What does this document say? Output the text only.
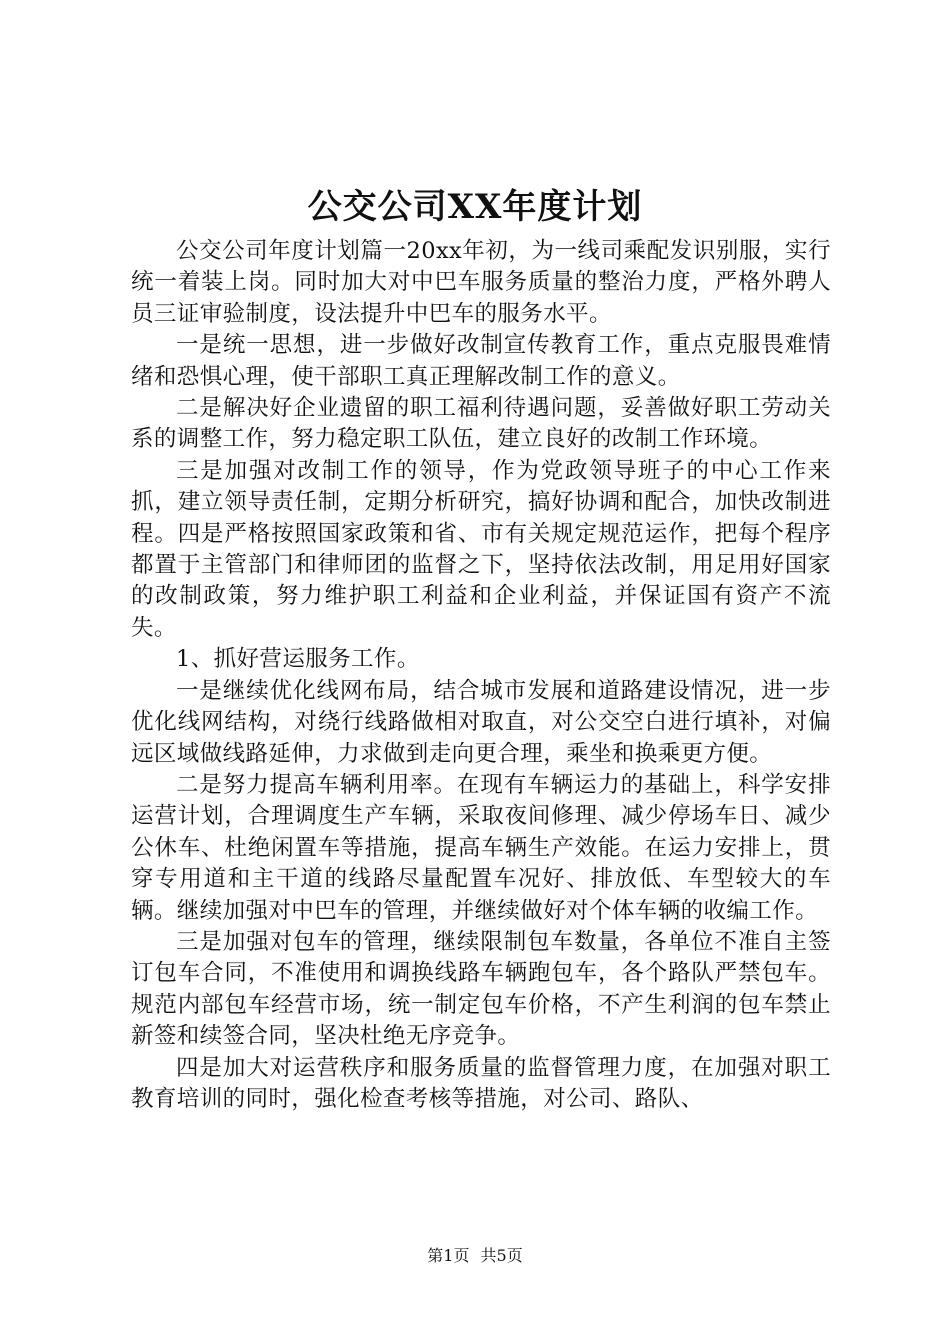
公交公司XX年度计划

公交公司年度计划篇一20xx年初，为一线司乘配发识别服，实行统一着装上岗。同时加大对中巴车服务质量的整治力度，严格外聘人员三证审验制度，设法提升中巴车的服务水平。

一是统一思想，进一步做好改制宣传教育工作，重点克服畏难情绪和恐惧心理，使干部职工真正理解改制工作的意义。

二是解决好企业遗留的职工福利待遇问题，妥善做好职工劳动关系的调整工作，努力稳定职工队伍，建立良好的改制工作环境。

三是加强对改制工作的领导，作为党政领导班子的中心工作来抓，建立领导责任制，定期分析研究，搞好协调和配合，加快改制进程。四是严格按照国家政策和省、市有关规定规范运作，把每个程序都置于主管部门和律师团的监督之下，坚持依法改制，用足用好国家的改制政策，努力维护职工利益和企业利益，并保证国有资产不流失。

1、抓好营运服务工作。

一是继续优化线网布局，结合城市发展和道路建设情况，进一步优化线网结构，对绕行线路做相对取直，对公交空白进行填补，对偏远区域做线路延伸，力求做到走向更合理，乘坐和换乘更方便。

二是努力提高车辆利用率。在现有车辆运力的基础上，科学安排运营计划，合理调度生产车辆，采取夜间修理、减少停场车日、减少公休车、杜绝闲置车等措施，提高车辆生产效能。在运力安排上，贯穿专用道和主干道的线路尽量配置车况好、排放低、车型较大的车辆。继续加强对中巴车的管理，并继续做好对个体车辆的收编工作。

三是加强对包车的管理，继续限制包车数量，各单位不准自主签订包车合同，不准使用和调换线路车辆跑包车，各个路队严禁包车。规范内部包车经营市场，统一制定包车价格，不产生利润的包车禁止新签和续签合同，坚决杜绝无序竞争。

四是加大对运营秩序和服务质量的监督管理力度，在加强对职工教育培训的同时，强化检查考核等措施，对公司、路队、

第1页 共5页
